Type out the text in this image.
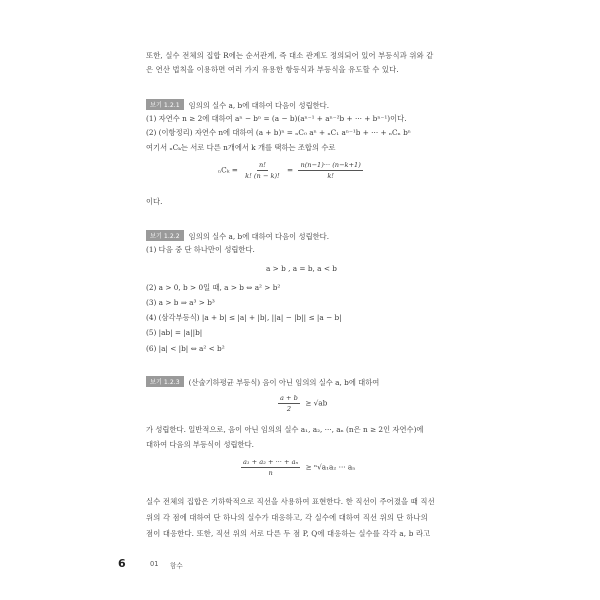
또한, 실수 전체의 집합 R에는 순서관계, 즉 대소 관계도 정의되어 있어 부등식과 위와 같
은 연산 법칙을 이용하면 여러 가지 유용한 항등식과 부등식을 유도할 수 있다.
보기 1.2.1 임의의 실수 a, b에 대하여 다음이 성립한다.
(1) 자연수 n ≥ 2에 대하여 aⁿ − bⁿ = (a − b)(aⁿ⁻¹ + aⁿ⁻²b + ··· + bⁿ⁻¹)이다.
(2) (이항정리) 자연수 n에 대하여 (a + b)ⁿ = ₙC₀ aⁿ + ₙC₁ aⁿ⁻¹b + ··· + ₙCₙ bⁿ
여기서 ₙCₖ는 서로 다른 n개에서 k 개를 택하는 조합의 수로
$_nC_k = \frac{n!}{k! (n - k)!} = \frac{n(n-1)\cdot\cdot\cdot (n-k+1)}{k!}$
이다.
보기 1.2.2 임의의 실수 a, b에 대하여 다음이 성립한다.
(1) 다음 중 단 하나만이 성립한다.
a > b , a = b, a < b
(2) a > 0, b > 0일 때, a > b ⇔ a² > b²
(3) a > b ⇒ a³ > b³
(4) (삼각부등식) |a + b| ≤ |a| + |b|, ||a| − |b|| ≤ |a − b|
(5) |ab| = |a||b|
(6) |a| < |b| ⇔ a² < b²
보기 1.2.3 (산술기하평균 부등식) 음이 아닌 임의의 실수 a, b에 대하여
$\frac{a + b}{2} \ge √ab$
가 성립한다. 일반적으로, 음이 아닌 임의의 실수 a₁, a₂, ···, aₙ (n은 n ≥ 2인 자연수)에
대하여 다음의 부등식이 성립한다.
$\frac{\text{a₁ + a₂ + ··· + aₙ}}{n} \ge ^n√a_1a_2$ ··· aₙ
실수 전체의 집합은 기하학적으로 직선을 사용하여 표현한다. 한 직선이 주어졌을 때 직선
위의 각 점에 대하여 단 하나의 실수가 대응하고, 각 실수에 대하여 직선 위의 단 하나의
점이 대응한다. 또한, 직선 위의 서로 다른 두 점 P, Q에 대응하는 실수를 각각 a, b 라고
6	01 함수
